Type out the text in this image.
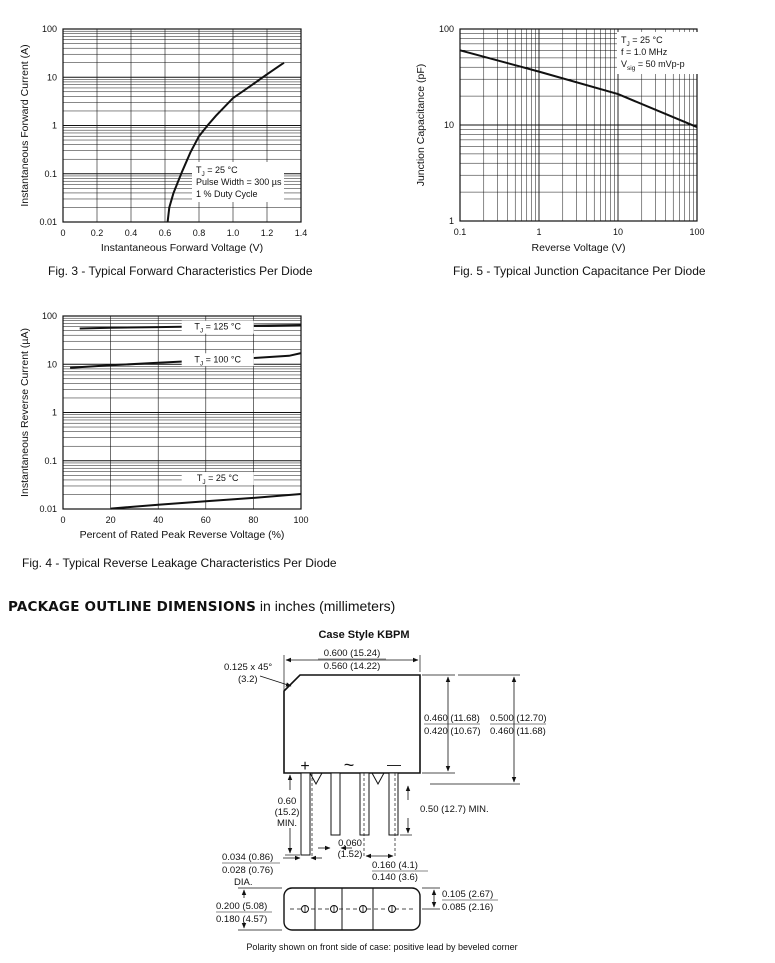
0	0.2 0.4 0.6 0.8 1.0 1.2 1.4
0.01
0.1
1
10
100
Instantaneous Forward Voltage (V)
Instantaneous Forward Current (A)	$T_J = 25$ °C
Pulse Width = 300 µs
1 % Duty Cycle
Fig. 3 - Typical Forward Characteristics Per Diode
0.1	1	10	100
1
10
100
Reverse Voltage (V)
Junction Capacitance (pF)
$T_J = 25$ °C
f = 1.0 MHz
$V_{sig} = 50$ mVp-p
Fig. 5 - Typical Junction Capacitance Per Diode
0	20	40	60	80	100
0.01
0.1
1
10
100
Percent of Rated Peak Reverse Voltage (%)
Instantaneous Reverse Current (µA)
$T_J = 125$ °C
$T_J = 100$ °C
$T_J = 25$ °C
Fig. 4 - Typical Reverse Leakage Characteristics Per Diode
PACKAGE OUTLINE DIMENSIONS in inches (millimeters)
Case Style KBPM
0.600 (15.24)
0.560 (14.22)
0.125 x 45°
(3.2)
0.460 (11.68)
0.420 (10.67)
0.500 (12.70)
0.460 (11.68)
+ ~ —
0.60
(15.2)
MIN.
0.50 (12.7) MIN.
0.060
(1.52)
0.034 (0.86)
0.028 (0.76)
DIA.
0.160 (4.1)
0.140 (3.6)
0.105 (2.67)
0.085 (2.16)
0.200 (5.08)
0.180 (4.57)
Polarity shown on front side of case: positive lead by beveled corner
